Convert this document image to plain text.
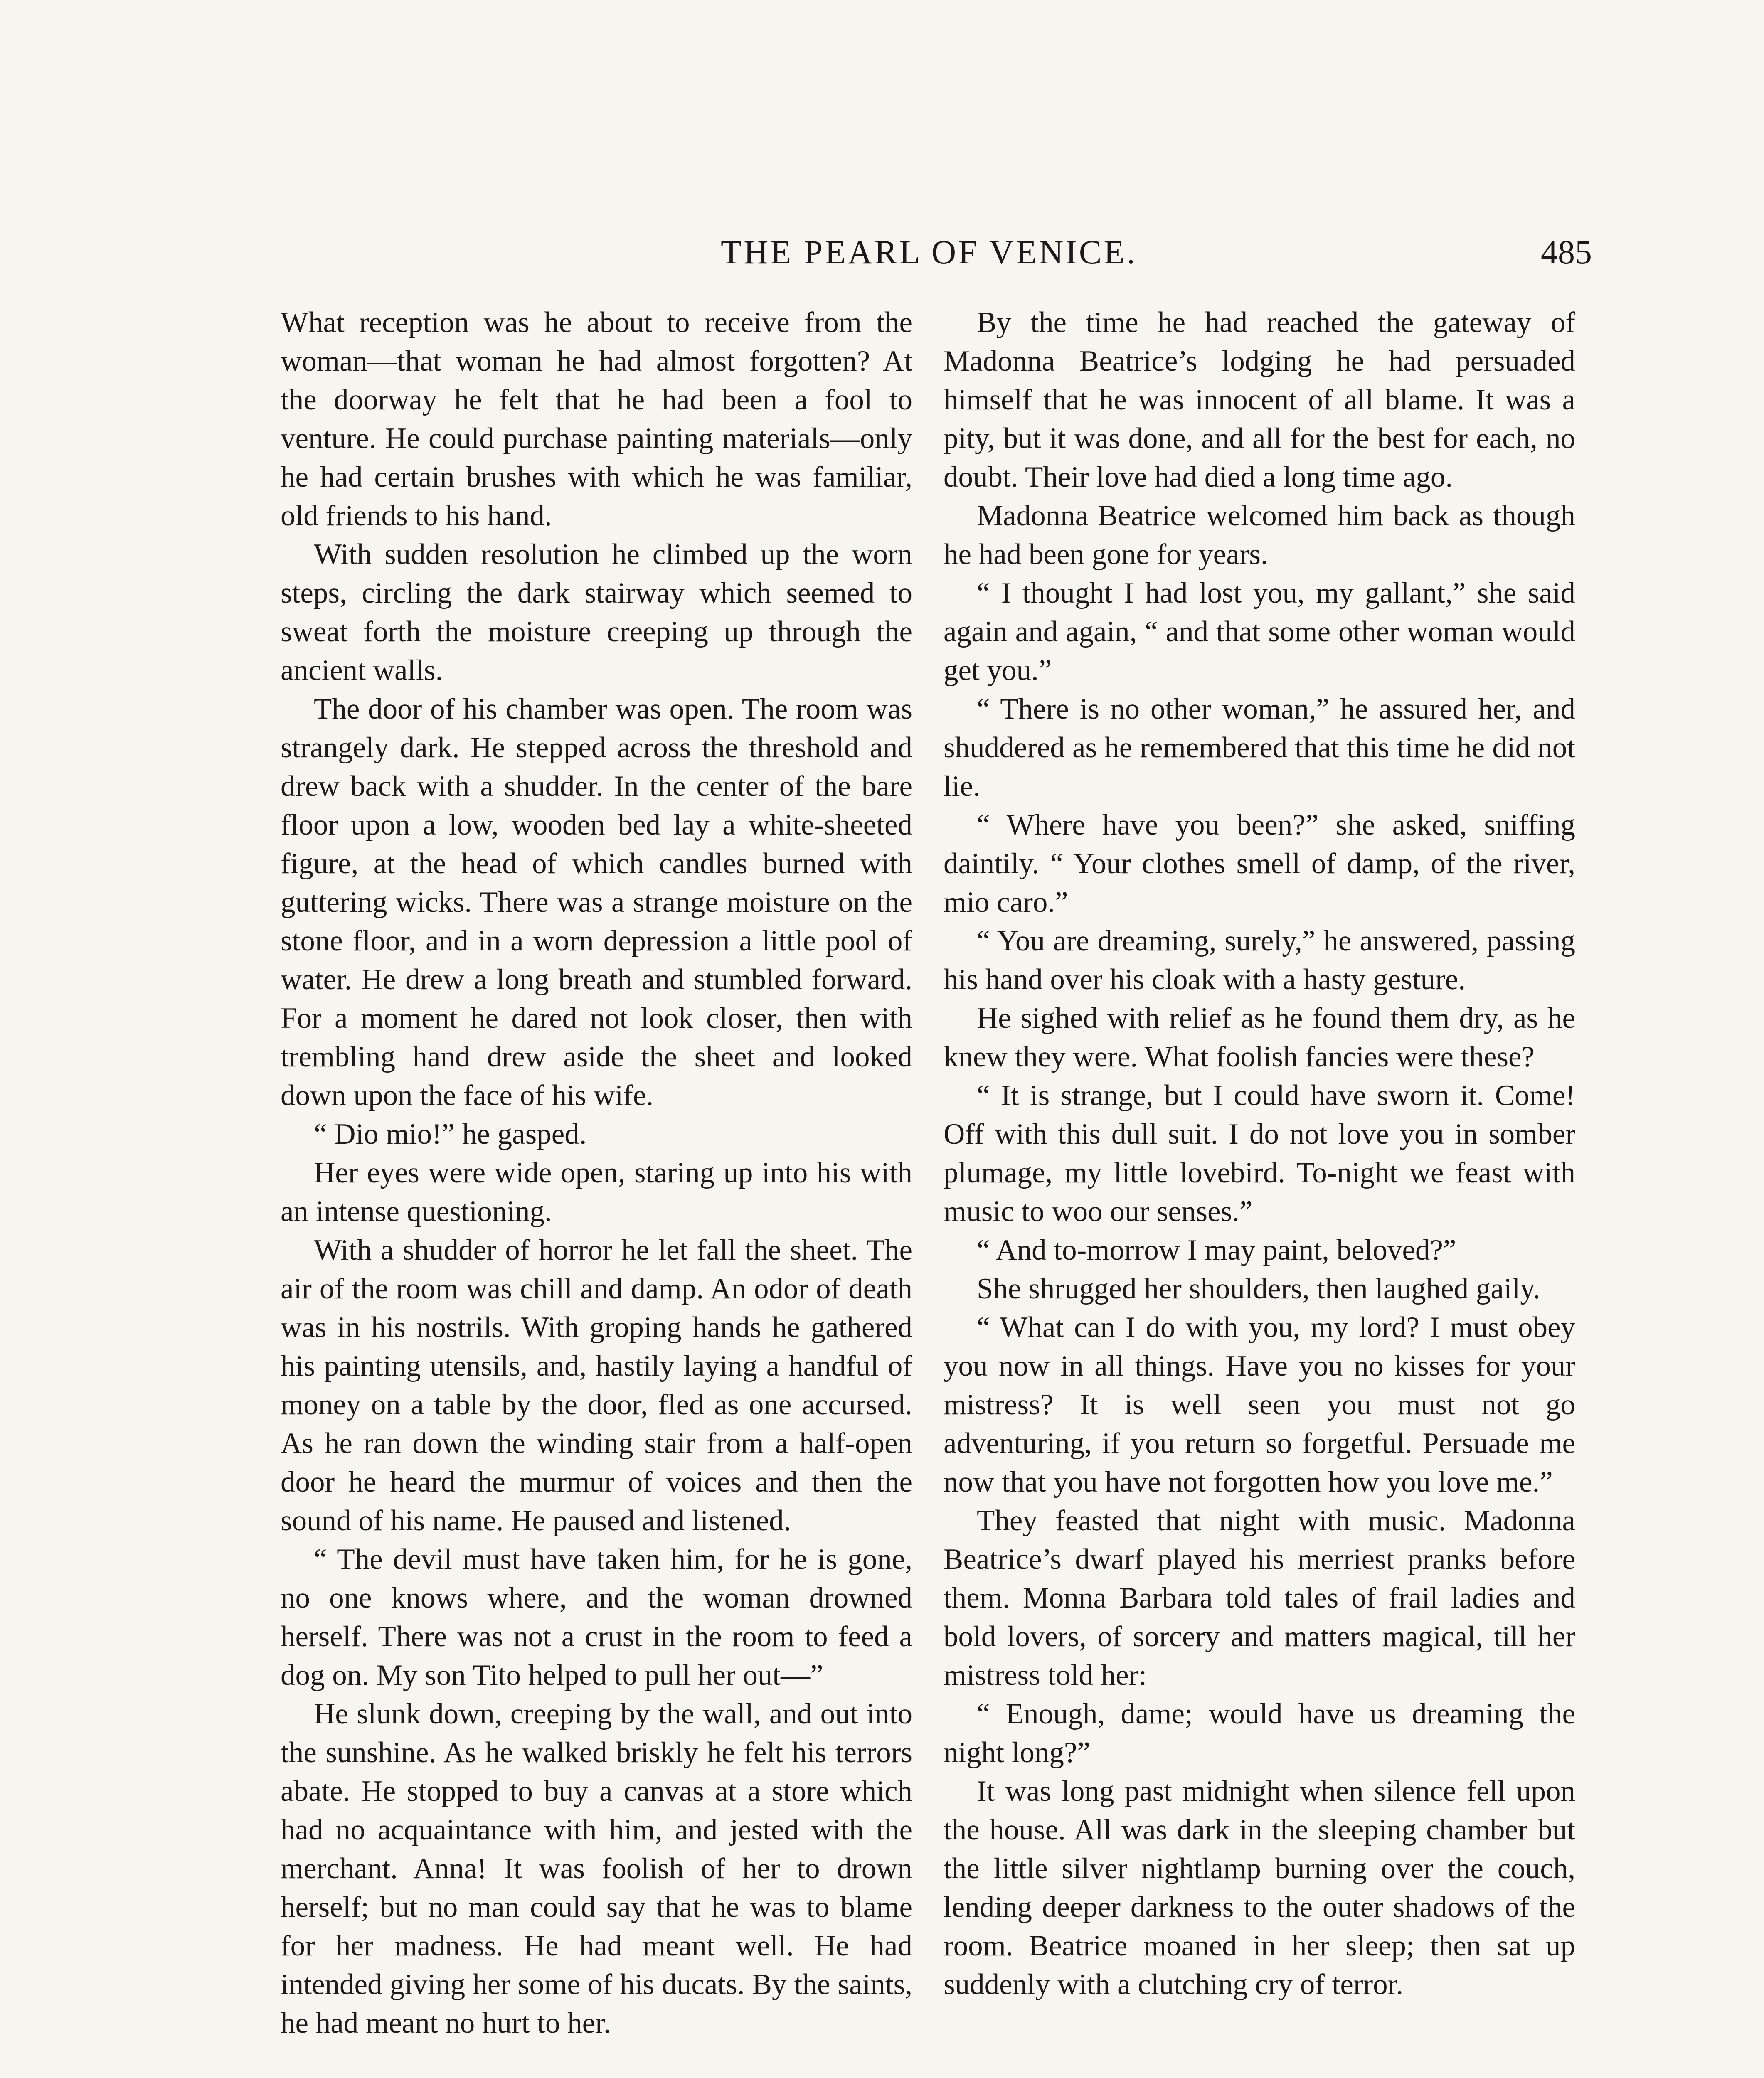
THE PEARL OF VENICE.	485

What reception was he about to receive from the woman—that woman he had almost forgotten? At the doorway he felt that he had been a fool to venture. He could purchase painting materials—only he had certain brushes with which he was familiar, old friends to his hand.

With sudden resolution he climbed up the worn steps, circling the dark stairway which seemed to sweat forth the moisture creeping up through the ancient walls.

The door of his chamber was open. The room was strangely dark. He stepped across the threshold and drew back with a shudder. In the center of the bare floor upon a low, wooden bed lay a white-sheeted figure, at the head of which candles burned with guttering wicks. There was a strange moisture on the stone floor, and in a worn depression a little pool of water. He drew a long breath and stumbled forward. For a moment he dared not look closer, then with trembling hand drew aside the sheet and looked down upon the face of his wife.

“ Dio mio!” he gasped.

Her eyes were wide open, staring up into his with an intense questioning.

With a shudder of horror he let fall the sheet. The air of the room was chill and damp. An odor of death was in his nostrils. With groping hands he gathered his painting utensils, and, hastily laying a handful of money on a table by the door, fled as one accursed. As he ran down the winding stair from a half-open door he heard the murmur of voices and then the sound of his name. He paused and listened.

“ The devil must have taken him, for he is gone, no one knows where, and the woman drowned herself. There was not a crust in the room to feed a dog on. My son Tito helped to pull her out—”

He slunk down, creeping by the wall, and out into the sunshine. As he walked briskly he felt his terrors abate. He stopped to buy a canvas at a store which had no acquaintance with him, and jested with the merchant. Anna! It was foolish of her to drown herself; but no man could say that he was to blame for her madness. He had meant well. He had intended giving her some of his ducats. By the saints, he had meant no hurt to her.

By the time he had reached the gateway of Madonna Beatrice’s lodging he had persuaded himself that he was innocent of all blame. It was a pity, but it was done, and all for the best for each, no doubt. Their love had died a long time ago.

Madonna Beatrice welcomed him back as though he had been gone for years.

“ I thought I had lost you, my gallant,” she said again and again, “ and that some other woman would get you.”

“ There is no other woman,” he assured her, and shuddered as he remembered that this time he did not lie.

“ Where have you been?” she asked, sniffing daintily. “ Your clothes smell of damp, of the river, mio caro.”

“ You are dreaming, surely,” he answered, passing his hand over his cloak with a hasty gesture.

He sighed with relief as he found them dry, as he knew they were. What foolish fancies were these?

“ It is strange, but I could have sworn it. Come! Off with this dull suit. I do not love you in somber plumage, my little lovebird. To-night we feast with music to woo our senses.”

“ And to-morrow I may paint, beloved?”

She shrugged her shoulders, then laughed gaily.

“ What can I do with you, my lord? I must obey you now in all things. Have you no kisses for your mistress? It is well seen you must not go adventuring, if you return so forgetful. Persuade me now that you have not forgotten how you love me.”

They feasted that night with music. Madonna Beatrice’s dwarf played his merriest pranks before them. Monna Barbara told tales of frail ladies and bold lovers, of sorcery and matters magical, till her mistress told her:

“ Enough, dame; would have us dreaming the night long?”

It was long past midnight when silence fell upon the house. All was dark in the sleeping chamber but the little silver nightlamp burning over the couch, lending deeper darkness to the outer shadows of the room. Beatrice moaned in her sleep; then sat up suddenly with a clutching cry of terror.
